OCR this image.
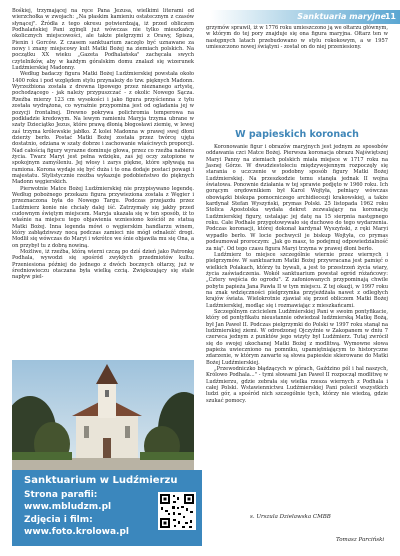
Sanktuaria maryjne
11

Bośkiej, trzymającej na ręce Pana Jezusa, wielkimi literami od wierzchołka w zwojach: „Na płaskim kamieniu ostatecznym z czasów słynącej". Źródła z tego okresu potwierdzają, iż przed obliczem Podhalańskiej Pani zginęli już wówczas nie tylko mieszkańcy okolicznych miejscowości, ale także pielgrzymi z Orawy, Spisza, Pienin i Gorców. Z czasem sanktuarium zaczęło być uznawane za nowy i znany miejscowy kult Matki Bożej na ziemiach polskich. Na początku XX wieku „Gazeta Podhalańska" zachęcała swych czytelników, aby w każdym góralskim domu znalazł się wizerunek Ludźmierskiej Madonny.

Według badaczy figura Matki Bożej Ludźmierskiej powstała około 1400 roku i pod względem stylu przynależy do tzw. pięknych Madonn. Wyrzeźbiona została z drewna lipowego przez nieznanego artystę, pochodzącego - jak należy przypuszczać - z okolic Nowego Sącza. Rzeźba mierzy 123 cm wysokości i jako figura przyścienna z tyłu została wydrążona, co wyraźnie przypomina jest od ogladania jej w pozycji frontalnej. Drewno pokrywa polichromia temperowa na podkładzie kredowym. Na lewym ramieniu Maryja trzyma ubrane w szaty Dzieciątko Jezus, które prawą dłonią błogosławi ziemię, w lewej zaś trzyma królewskie jabłko. Z kolei Madonna w prawej swej dłoni dzierży berło. Postać Matki Bożej została przez twórcę ujęta dostatnio, odziana w szaty dobrze i zachowanie właściwych proporcji. Nad całością figury wyrazne dominuje głowa, przez co rzeźba nabiera życia. Twarz Maryi jest pełna wdzięku, zaś jej oczy zatopione w spokojnym zamyśleniu. Jej włosy i zarys piękne, które spływają na ramiona. Korona wydaje się być duża i to ona dodaje postaci powagi i majestatu. Stylistycznie rzeźba wykazuje podobieństwo do pięknych Madonn węgierskich.

Pierwotnie Matce Bożej Ludźmierskiej nie przypisywano legendę. Według pobożnego przekazu figura przywieziona została z Węgier i przeznaczona była do Nowego Targu. Podczas przejazdu przez Ludźmierz konie nie chciały dalej iść. Zatrzymały się jakby przed cudownym świętym miejscem. Maryja ukazała się w ten sposób, iż to właśnie na miejscu tego objawienia wzniesiono kościół ze statuą Matki Bożej. Inna legenda mówi o węgierskim handlarzu winem, który zabłądziwszy nocą podczas zamieci nie mógł odnaleźć drogi. Modlił się wówczas do Maryi i wkrótce we śnie objawiła mu się Ona, a on przybył tu z dobrą nowiną.

Możliwe, iż rzeźba, którą wierni czczą po dziś dzień jako Patronkę Podhala, wywodzi się spośród zwykłych przedmiotów kultu. Przeniesiona później do jednego z dwóch bocznych ołtarzy, już w średniowieczu otaczana była wielką czcią. Zwiększający się stale napływ piel-

Sanktuarium w Ludźmierzu
Strona parafii:
www.mbludzm.pl
Zdjęcia i film:
www.foto.krolowa.pl

grzymów sprawił, iż w 1776 roku umieszczono ją we ołtarzu głównym, w którym do tej pory znajduje się ona figura maryjna. Ołtarz ten w następnych latach przebudowano w stylu rokokowym, a w 1957 umieszczono nowej świątyni - został on do niej przeniesiony.

W papieskich koronach

Koronowanie figur i obrazów maryjnych jest jednym ze sposobów oddawania czci Matce Bożej. Pierwsza koronacja obrazu Najświętszej Maryi Panny na ziemiach polskich miała miejsce w 1717 roku na Jasnej Górze. W dwudziestoleciu międzywojennym rozpoczęły się starania o uczczenie w podobny sposób figury Matki Bożej Ludźmierskiej. Na przeszkodzie temu stanęła jednak II wojna światowa. Ponownie działania w tej sprawie podjęto w 1960 roku. Ich gorącym orędownikiem był Karol Wojtyła, pełniący wówczas obowiązki biskupa pomocniczego archidiecezji krakowskiej, a także kardynał Stefan Wyszyński, prymas Polski. 25 listopada 1962 roku Stolica Apostolska wydała dekret zezwalający na koronację Ludźmierskiej figury, ustalając jej datę na 15 sierpnia następnego roku. Całe Podhale przygotowywało się duchowo do tego wydarzenia. Podczas koronacji, której dokonał kardynał Wyszyński, z ręki Maryi wypadło berło. W locie pochwycił je biskup Wojtyła, co prymas podsumował proroczym: „Jak go masz, to podejmuj odpowiedzialność za nią". Od tego czasu figura Maryi trzyma w prawej dłoni berło.

Ludźmierz to miejsce szczególnie wiernie przez wiernych i pielgrzymów. W sanktuarium Matki Bożej przywracana jest pamięć o wielkich Polakach, którzy tu bywali, a jest to przestrzeń życia wiary, życia zaświadczenia. Wokół sanktuarium powstał ogród różańcowy: „Cztery wejścia do ogrodu". Z zafoniowanych przypominają chwile pobytu papieża Jana Pawła II w tym miejscu. Z tej okazji, w 1997 roku na znak wdzięczności pielgrzymka przyjeżdżała nawet z odległych krajów świata. Wielokrotnie zjawiał się przed obliczem Matki Bożej Ludźmierskiej, modląc się i rozmawiając z mieszkańcami.

Szczególnym czcicielem Ludźmierskiej Pani w swoim pontyfikacie, który od pontyfikatu nieustannie odwiedzał ludźmierską Matkę Bożą, był Jan Paweł II. Podczas pielgrzymki do Polski w 1997 roku stanął na ludźmierskiej ziemi. W odrodzonej Ojczyźnie w Zakopanem w dniu 7 czerwca jednym z punktów jego wizyty był Ludźmierz. Tutaj zwrócił się do swojej ukochanej Matki Bożej z modlitwą. Wymowne słowa papieża uwieczniono na pomniku, upamiętniającym to historyczne zdarzenie, w którym zawarte są słowa papieskie skierowane do Matki Bożej Ludźmierskiej.

„Przewodniczko błądzących w górach, Gaździno pól i hal naszych, Królowo Podhala..." - tymi słowami Jan Paweł II rozpoczął modlitwę w Ludźmierzu, gdzie zebrała się wielka rzesza wiernych z Podhala i całej Polski. Wstawiennictwu Ludźmierskiej Pani polecił wszystkich ludzi gór, a spośród nich szczególnie tych, którzy nie wiedzą, gdzie szukać pomocy.

s. Urszula Dzielawska CMBB
Tomasz Parciński
